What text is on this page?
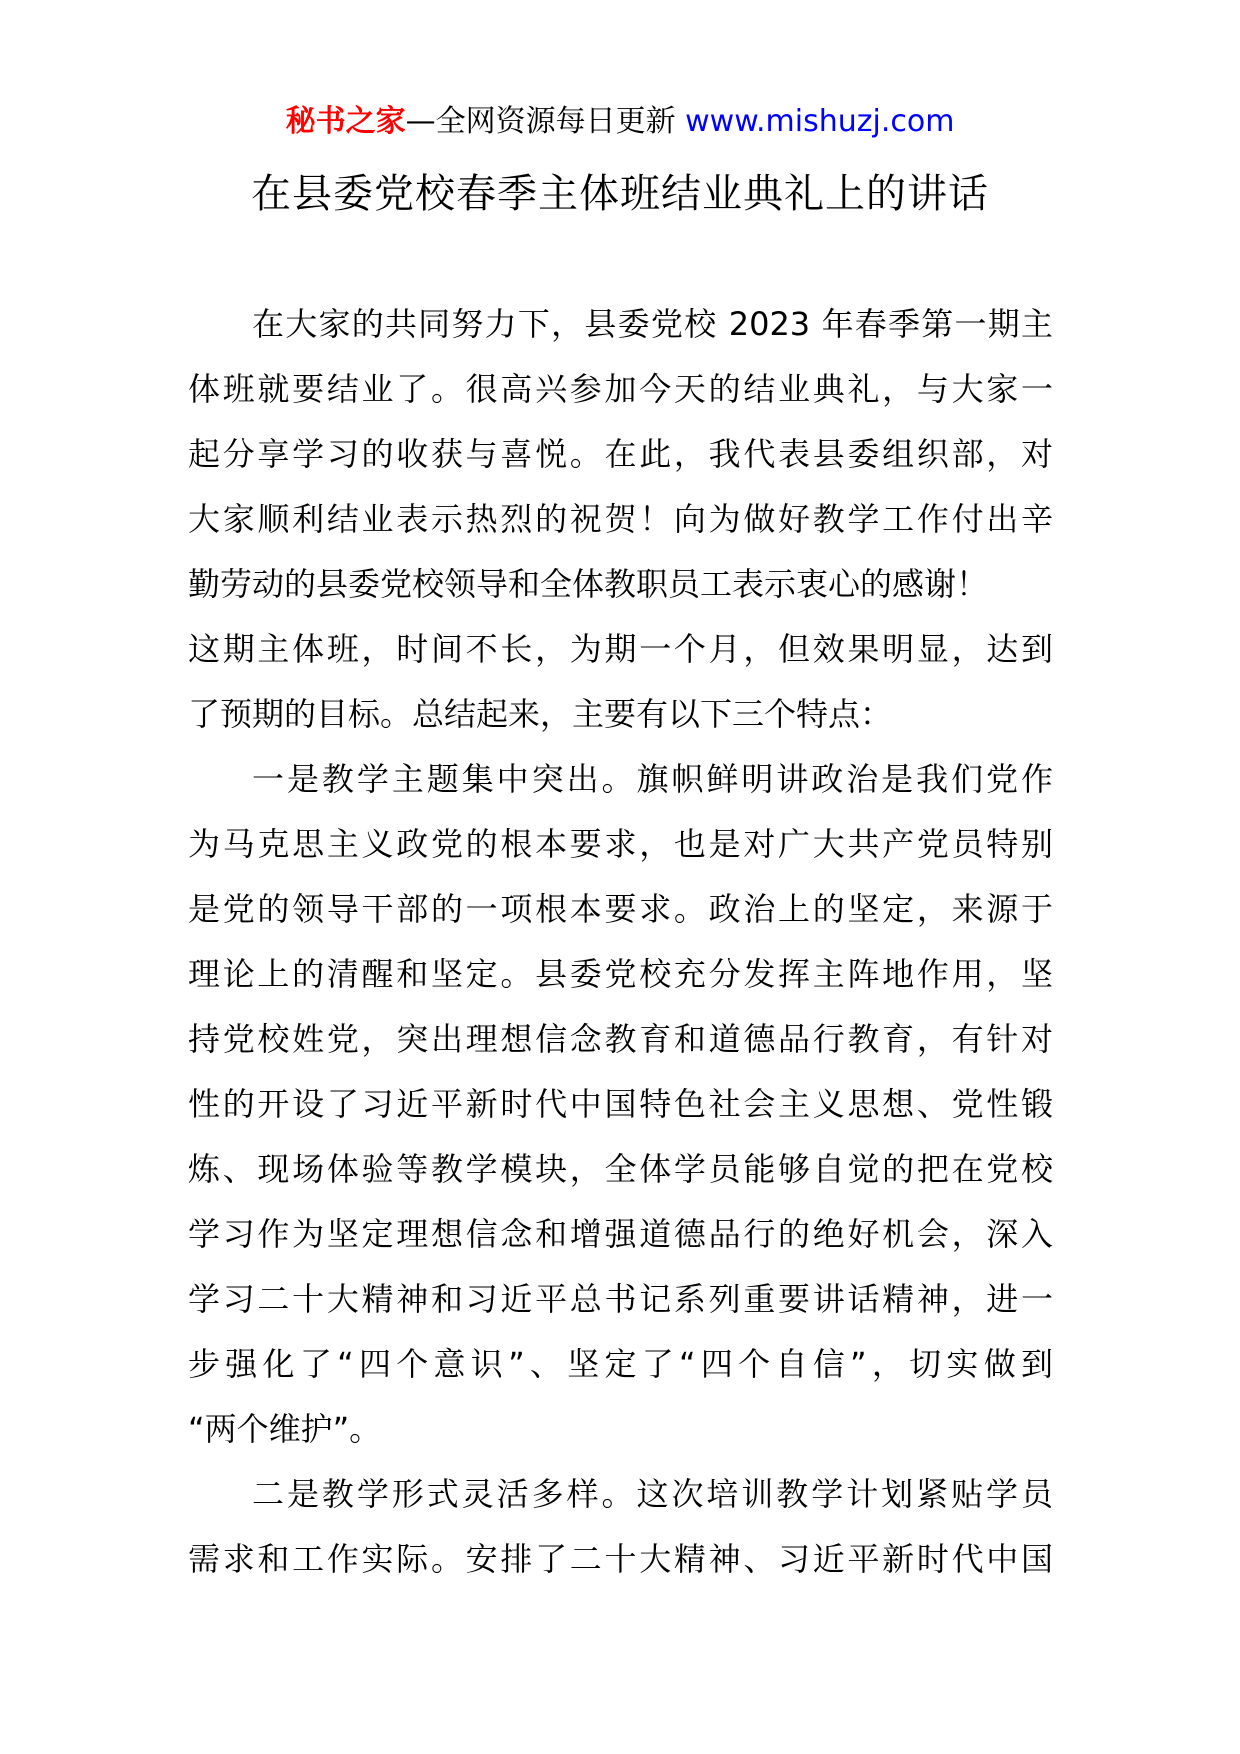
秘书之家—全网资源每日更新 www.mishuzj.com
在县委党校春季主体班结业典礼上的讲话
在大家的共同努力下，县委党校 2023 年春季第一期主
体班就要结业了。很高兴参加今天的结业典礼，与大家一
起分享学习的收获与喜悦。在此，我代表县委组织部，对
大家顺利结业表示热烈的祝贺！向为做好教学工作付出辛
勤劳动的县委党校领导和全体教职员工表示衷心的感谢！
这期主体班，时间不长，为期一个月，但效果明显，达到
了预期的目标。总结起来，主要有以下三个特点：
一是教学主题集中突出。旗帜鲜明讲政治是我们党作
为马克思主义政党的根本要求，也是对广大共产党员特别
是党的领导干部的一项根本要求。政治上的坚定，来源于
理论上的清醒和坚定。县委党校充分发挥主阵地作用，坚
持党校姓党，突出理想信念教育和道德品行教育，有针对
性的开设了习近平新时代中国特色社会主义思想、党性锻
炼、现场体验等教学模块，全体学员能够自觉的把在党校
学习作为坚定理想信念和增强道德品行的绝好机会，深入
学习二十大精神和习近平总书记系列重要讲话精神，进一
步强化了“四个意识”、坚定了“四个自信”，切实做到
“两个维护”。
二是教学形式灵活多样。这次培训教学计划紧贴学员
需求和工作实际。安排了二十大精神、习近平新时代中国
